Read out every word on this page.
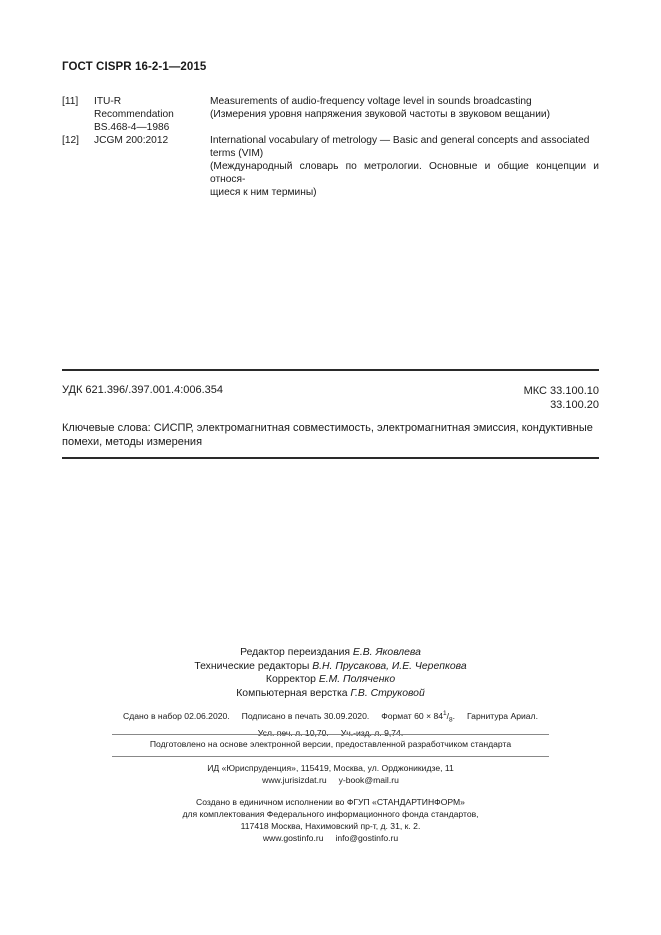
ГОСТ CISPR 16-2-1—2015
[11] ITU-R
Recommendation
BS.468-4—1986
Measurements of audio-frequency voltage level in sounds broadcasting
(Измерения уровня напряжения звуковой частоты в звуковом вещании)
[12] JCGM 200:2012	International vocabulary of metrology — Basic and general concepts and associated
terms (VIM)
(Международный словарь по метрологии. Основные и общие концепции и относя-
щиеся к ним термины)
УДК 621.396/.397.001.4:006.354	МКС 33.100.10
33.100.20
Ключевые слова: СИСПР, электромагнитная совместимость, электромагнитная эмиссия, кондуктивные
помехи, методы измерения
Редактор переиздания Е.В. Яковлева
Технические редакторы В.Н. Прусакова, И.Е. Черепкова
Корректор Е.М. Поляченко
Компьютерная верстка Г.В. Струковой
Сдано в набор 02.06.2020. Подписано в печать 30.09.2020. Формат $60 \times 84^1/_8$. Гарнитура Ариал.
Усл. печ. л. 10,70. Уч.-изд. л. 9,74.
Подготовлено на основе электронной версии, предоставленной разработчиком стандарта
ИД «Юриспруденция», 115419, Москва, ул. Орджоникидзе, 11
www.jurisizdat.ru y-book@mail.ru
Создано в единичном исполнении во ФГУП «СТАНДАРТИНФОРМ»
для комплектования Федерального информационного фонда стандартов,
117418 Москва, Нахимовский пр-т, д. 31, к. 2.
www.gostinfo.ru info@gostinfo.ru
